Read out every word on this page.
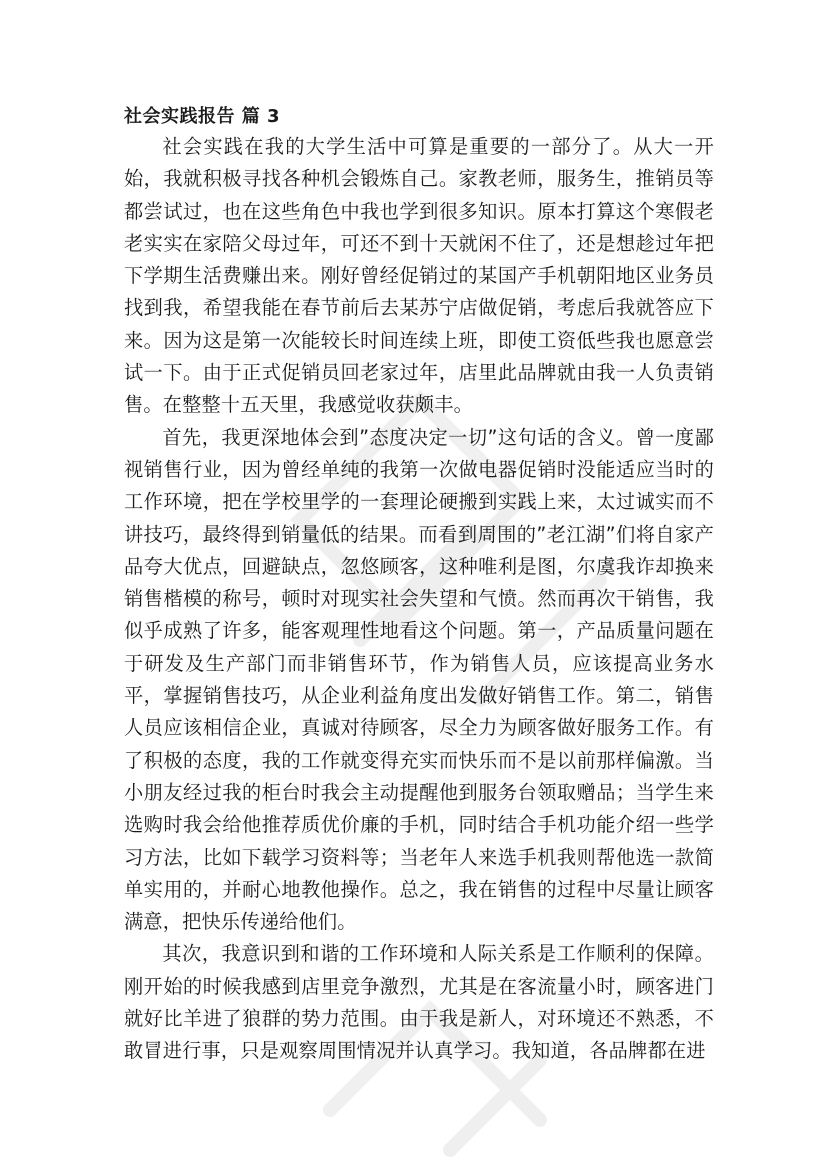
社会实践报告 篇 3

社会实践在我的大学生活中可算是重要的一部分了。从大一开始，我就积极寻找各种机会锻炼自己。家教老师，服务生，推销员等都尝试过，也在这些角色中我也学到很多知识。原本打算这个寒假老老实实在家陪父母过年，可还不到十天就闲不住了，还是想趁过年把下学期生活费赚出来。刚好曾经促销过的某国产手机朝阳地区业务员找到我，希望我能在春节前后去某苏宁店做促销，考虑后我就答应下来。因为这是第一次能较长时间连续上班，即使工资低些我也愿意尝试一下。由于正式促销员回老家过年，店里此品牌就由我一人负责销售。在整整十五天里，我感觉收获颇丰。

首先，我更深地体会到”态度决定一切”这句话的含义。曾一度鄙视销售行业，因为曾经单纯的我第一次做电器促销时没能适应当时的工作环境，把在学校里学的一套理论硬搬到实践上来，太过诚实而不讲技巧，最终得到销量低的结果。而看到周围的”老江湖”们将自家产品夸大优点，回避缺点，忽悠顾客，这种唯利是图，尔虞我诈却换来销售楷模的称号，顿时对现实社会失望和气愤。然而再次干销售，我似乎成熟了许多，能客观理性地看这个问题。第一，产品质量问题在于研发及生产部门而非销售环节，作为销售人员，应该提高业务水平，掌握销售技巧，从企业利益角度出发做好销售工作。第二，销售人员应该相信企业，真诚对待顾客，尽全力为顾客做好服务工作。有了积极的态度，我的工作就变得充实而快乐而不是以前那样偏激。当小朋友经过我的柜台时我会主动提醒他到服务台领取赠品；当学生来选购时我会给他推荐质优价廉的手机，同时结合手机功能介绍一些学习方法，比如下载学习资料等；当老年人来选手机我则帮他选一款简单实用的，并耐心地教他操作。总之，我在销售的过程中尽量让顾客满意，把快乐传递给他们。

其次，我意识到和谐的工作环境和人际关系是工作顺利的保障。刚开始的时候我感到店里竞争激烈，尤其是在客流量小时，顾客进门就好比羊进了狼群的势力范围。由于我是新人，对环境还不熟悉，不敢冒进行事，只是观察周围情况并认真学习。我知道，各品牌都在进
